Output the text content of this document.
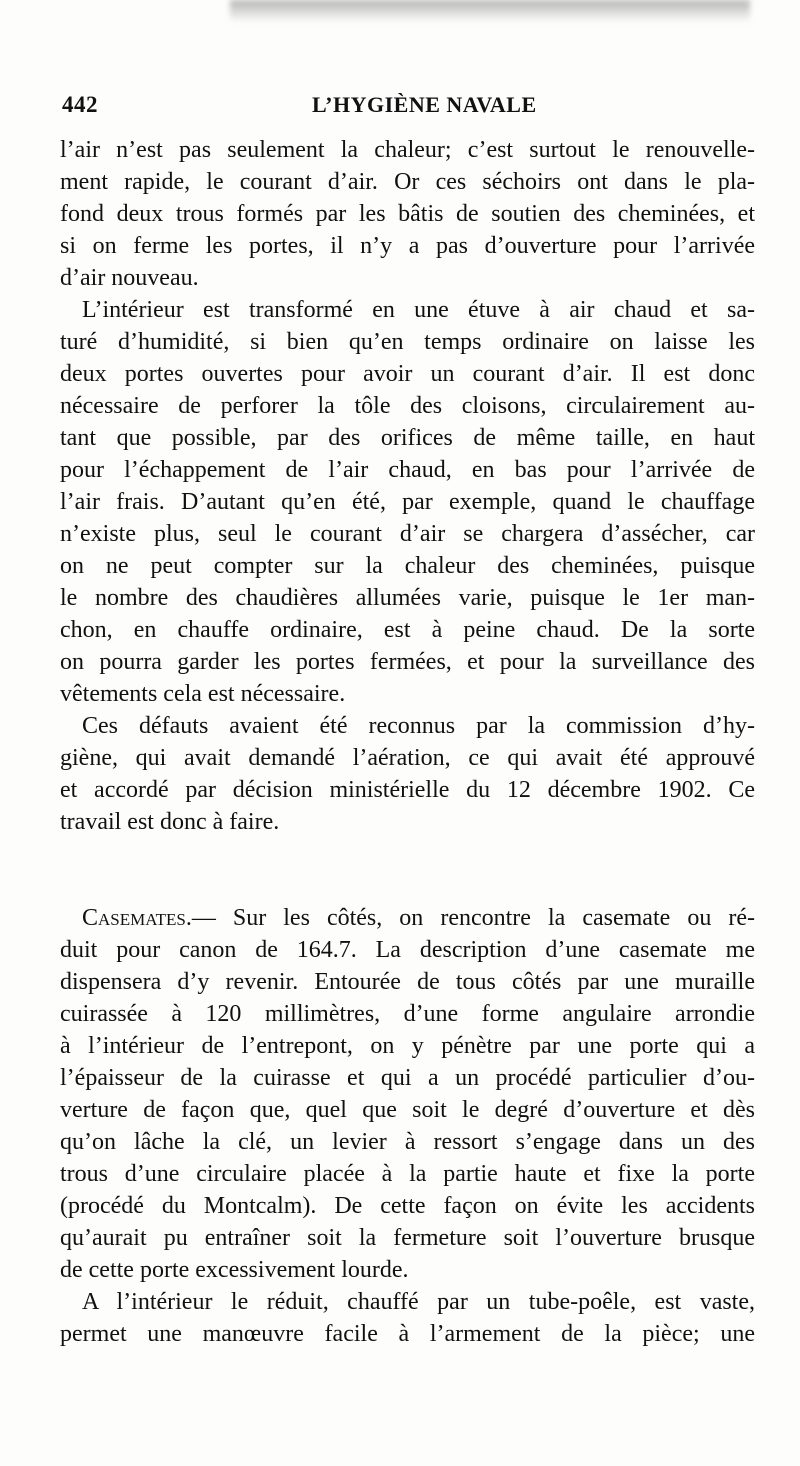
442	L’HYGIÈNE NAVALE
l’air n’est pas seulement la chaleur; c’est surtout le renouvelle-
ment rapide, le courant d’air. Or ces séchoirs ont dans le pla-
fond deux trous formés par les bâtis de soutien des cheminées, et
si on ferme les portes, il n’y a pas d’ouverture pour l’arrivée
d’air nouveau.
L’intérieur est transformé en une étuve à air chaud et sa-
turé d’humidité, si bien qu’en temps ordinaire on laisse les
deux portes ouvertes pour avoir un courant d’air. Il est donc
nécessaire de perforer la tôle des cloisons, circulairement au-
tant que possible, par des orifices de même taille, en haut
pour l’échappement de l’air chaud, en bas pour l’arrivée de
l’air frais. D’autant qu’en été, par exemple, quand le chauffage
n’existe plus, seul le courant d’air se chargera d’assécher, car
on ne peut compter sur la chaleur des cheminées, puisque
le nombre des chaudières allumées varie, puisque le 1er man-
chon, en chauffe ordinaire, est à peine chaud. De la sorte
on pourra garder les portes fermées, et pour la surveillance des
vêtements cela est nécessaire.
Ces défauts avaient été reconnus par la commission d’hy-
giène, qui avait demandé l’aération, ce qui avait été approuvé
et accordé par décision ministérielle du 12 décembre 1902. Ce
travail est donc à faire.
Casemates.— Sur les côtés, on rencontre la casemate ou ré-
duit pour canon de 164.7. La description d’une casemate me
dispensera d’y revenir. Entourée de tous côtés par une muraille
cuirassée à 120 millimètres, d’une forme angulaire arrondie
à l’intérieur de l’entrepont, on y pénètre par une porte qui a
l’épaisseur de la cuirasse et qui a un procédé particulier d’ou-
verture de façon que, quel que soit le degré d’ouverture et dès
qu’on lâche la clé, un levier à ressort s’engage dans un des
trous d’une circulaire placée à la partie haute et fixe la porte
(procédé du Montcalm). De cette façon on évite les accidents
qu’aurait pu entraîner soit la fermeture soit l’ouverture brusque
de cette porte excessivement lourde.
A l’intérieur le réduit, chauffé par un tube-poêle, est vaste,
permet une manœuvre facile à l’armement de la pièce; une
